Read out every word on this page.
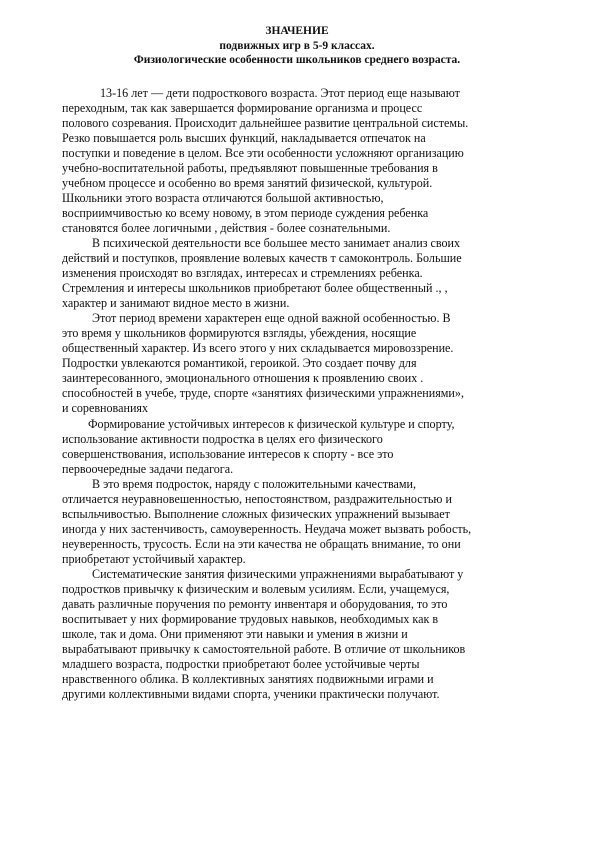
ЗНАЧЕНИЕ
подвижных игр в 5-9 классах.
Физиологические особенности школьников среднего возраста.

13-16 лет — дети подросткового возраста. Этот период еще называют
переходным, так как завершается формирование организма и процесс
полового созревания. Происходит дальнейшее развитие центральной системы.
Резко повышается роль высших функций, накладывается отпечаток на
поступки и поведение в целом. Все эти особенности усложняют организацию
учебно-воспитательной работы, предъявляют повышенные требования в
учебном процессе и особенно во время занятий физической, культурой.
Школьники этого возраста отличаются большой активностью,
восприимчивостью ко всему новому, в этом периоде суждения ребенка
становятся более логичными , действия - более сознательными.

В психической деятельности все большее место занимает анализ своих
действий и поступков, проявление волевых качеств т самоконтроль. Большие
изменения происходят во взглядах, интересах и стремлениях ребенка.
Стремления и интересы школьников приобретают более общественный ., ,
характер и занимают видное место в жизни.

Этот период времени характерен еще одной важной особенностью. В
это время у школьников формируются взгляды, убеждения, носящие
общественный характер. Из всего этого у них складывается мировоззрение.
Подростки увлекаются романтикой, героикой. Это создает почву для
заинтересованного, эмоционального отношения к проявлению своих .
способностей в учебе, труде, спорте «занятиях физическими упражнениями»,
и соревнованиях

Формирование устойчивых интересов к физической культуре и спорту,
использование активности подростка в целях его физического
совершенствования, использование интересов к спорту - все это
первоочередные задачи педагога.

В это время подросток, наряду с положительными качествами,
отличается неуравновешенностью, непостоянством, раздражительностью и
вспыльчивостью. Выполнение сложных физических упражнений вызывает
иногда у них застенчивость, самоуверенность. Неудача может вызвать робость,
неуверенность, трусость. Если на эти качества не обращать внимание, то они
приобретают устойчивый характер.

Систематические занятия физическими упражнениями вырабатывают у
подростков привычку к физическим и волевым усилиям. Если, учащемуся,
давать различные поручения по ремонту инвентаря и оборудования, то это
воспитывает у них формирование трудовых навыков, необходимых как в
школе, так и дома. Они применяют эти навыки и умения в жизни и
вырабатывают привычку к самостоятельной работе. В отличие от школьников
младшего возраста, подростки приобретают более устойчивые черты
нравственного облика. В коллективных занятиях подвижными играми и
другими коллективными видами спорта, ученики практически получают.
